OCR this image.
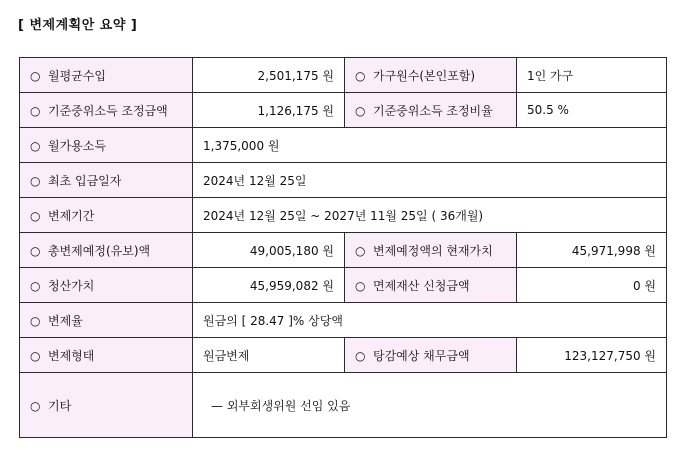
[ 변제계획안 요약 ]
○ 월평균수입	2,501,175 원	○ 가구원수(본인포함)	1인 가구
○ 기준중위소득 조정금액	1,126,175 원	○ 기준중위소득 조정비율	50.5 %
○ 월가용소득	1,375,000 원		
○ 최초 입금일자	2024년 12월 25일		
○ 변제기간	2024년 12월 25일 ~ 2027년 11월 25일 ( 36개월)		
○ 총변제예정(유보)액	49,005,180 원	○ 변제예정액의 현재가치	45,971,998 원
○ 청산가치	45,959,082 원	○ 면제재산 신청금액	0 원
○ 변제율	원금의 [ 28.47 ]% 상당액		
○ 변제형태	원금변제	○ 탕감예상 채무금액	123,127,750 원
○ 기타	— 외부회생위원 선임 있음		
